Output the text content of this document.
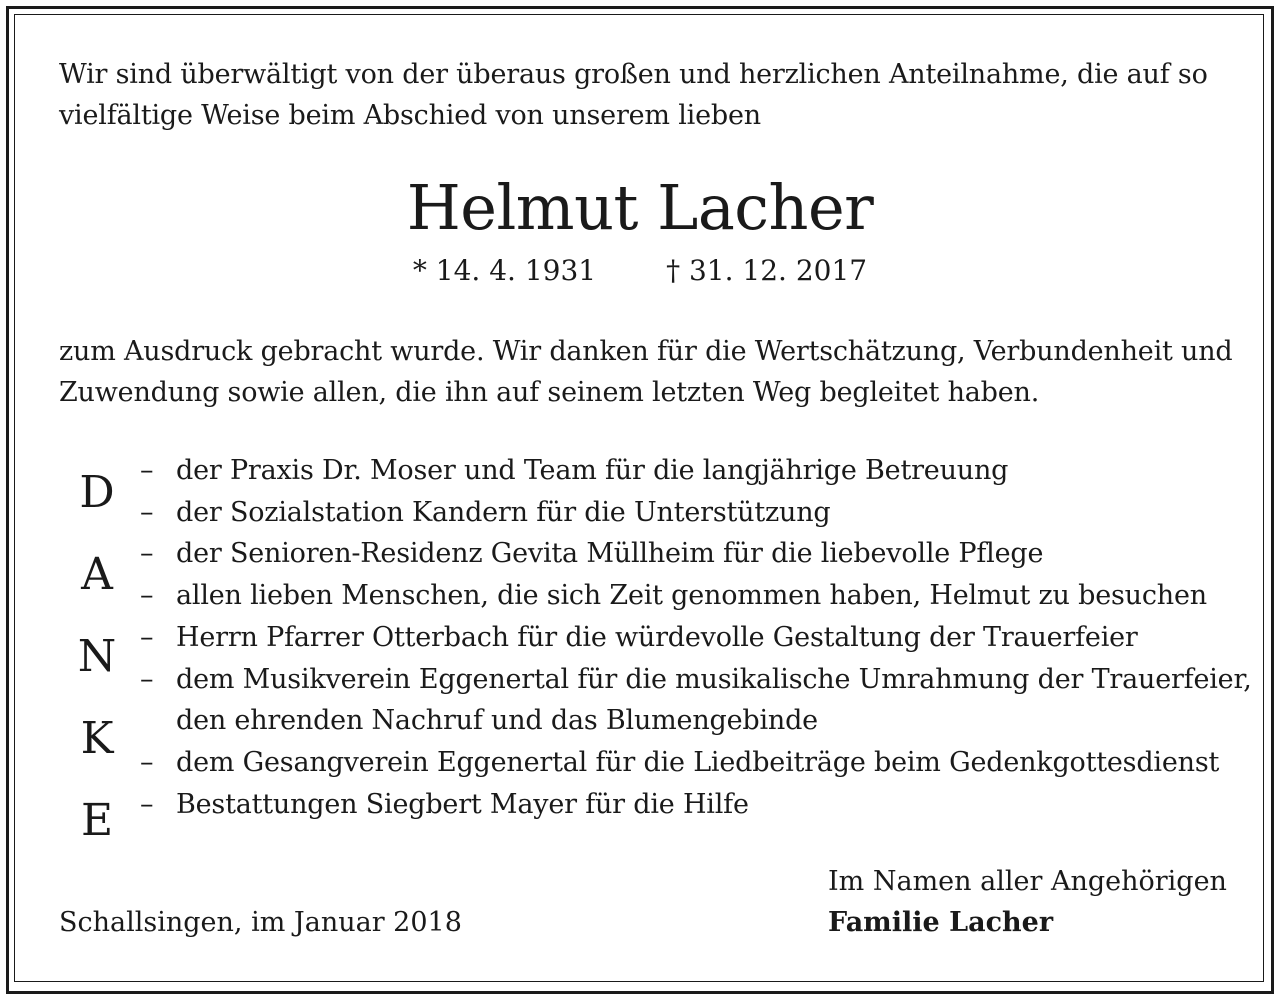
Wir sind überwältigt von der überaus großen und herzlichen Anteilnahme, die auf so
vielfältige Weise beim Abschied von unserem lieben
Helmut Lacher
* 14. 4. 1931	† 31. 12. 2017
zum Ausdruck gebracht wurde. Wir danken für die Wertschätzung, Verbundenheit und
Zuwendung sowie allen, die ihn auf seinem letzten Weg begleitet haben.
D
A
N
K
E
– der Praxis Dr. Moser und Team für die langjährige Betreuung
– der Sozialstation Kandern für die Unterstützung
– der Senioren-Residenz Gevita Müllheim für die liebevolle Pflege
– allen lieben Menschen, die sich Zeit genommen haben, Helmut zu besuchen
– Herrn Pfarrer Otterbach für die würdevolle Gestaltung der Trauerfeier
– dem Musikverein Eggenertal für die musikalische Umrahmung der Trauerfeier,
den ehrenden Nachruf und das Blumengebinde
– dem Gesangverein Eggenertal für die Liedbeiträge beim Gedenkgottesdienst
– Bestattungen Siegbert Mayer für die Hilfe
Im Namen aller Angehörigen
Familie Lacher
Schallsingen, im Januar 2018
